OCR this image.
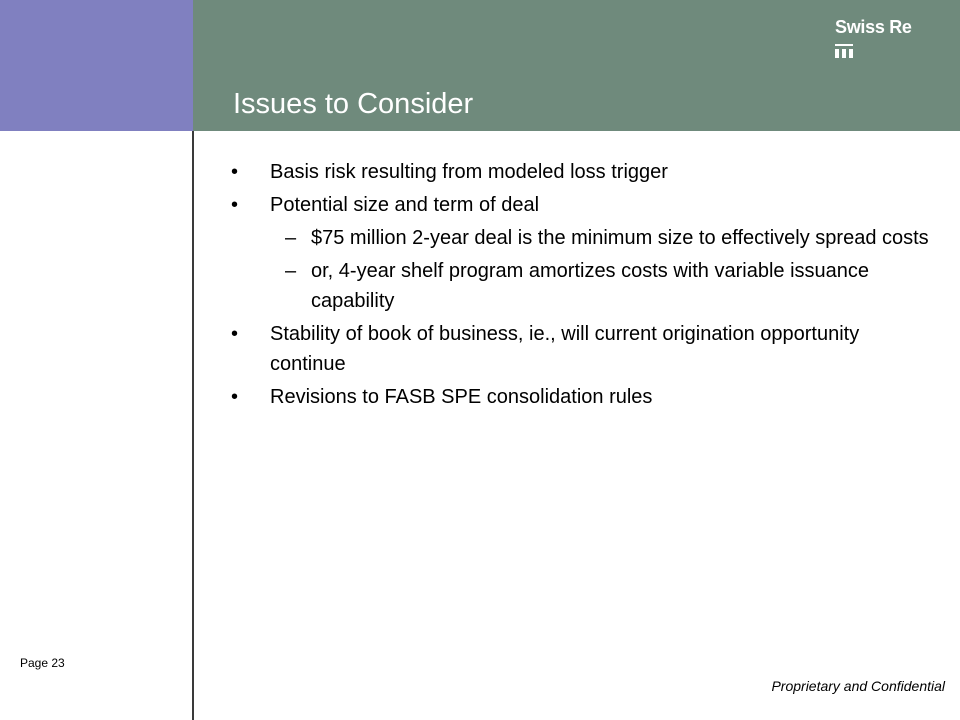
Swiss Re
Issues to Consider
• Basis risk resulting from modeled loss trigger
• Potential size and term of deal
– $75 million 2-year deal is the minimum size to effectively spread costs
– or, 4-year shelf program amortizes costs with variable issuance capability
• Stability of book of business, ie., will current origination opportunity continue
• Revisions to FASB SPE consolidation rules
Page 23
Proprietary and Confidential
